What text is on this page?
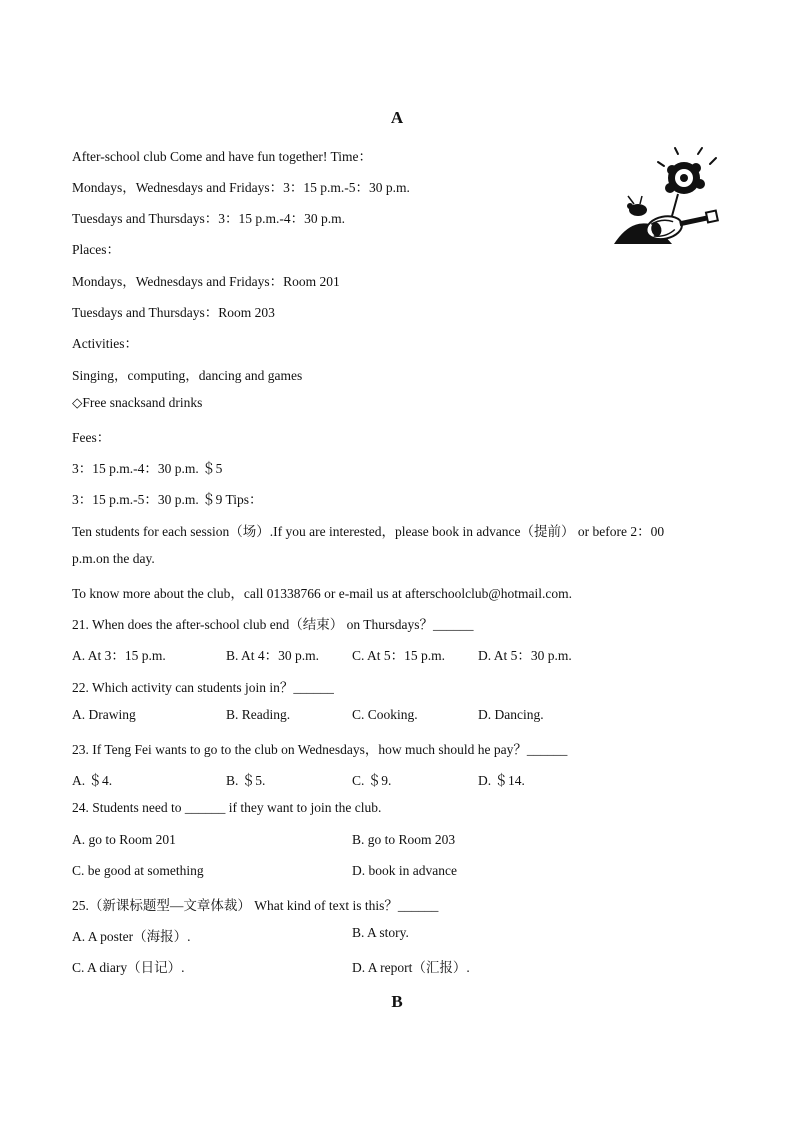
A
After-school club Come and have fun together! Time：
Mondays，Wednesdays and Fridays：3：15 p.m.-5：30 p.m.
Tuesdays and Thursdays：3：15 p.m.-4：30 p.m.
Places：
Mondays，Wednesdays and Fridays：Room 201
Tuesdays and Thursdays：Room 203
Activities：
Singing，computing，dancing and games
◇Free snacksand drinks
Fees：
3：15 p.m.-4：30 p.m. ＄5
3：15 p.m.-5：30 p.m. ＄9 Tips：
Ten students for each session（场）.If you are interested，please book in advance（提前） or before 2：00
p.m.on the day.
To know more about the club，call 01338766 or e-mail us at afterschoolclub@hotmail.com.
21. When does the after-school club end（结束） on Thursdays？______
A. At 3：15 p.m.	B. At 4：30 p.m. C. At 5：15 p.m. D. At 5：30 p.m.
22. Which activity can students join in？______
A. Drawing	B. Reading.	C. Cooking.	D. Dancing.
23. If Teng Fei wants to go to the club on Wednesdays，how much should he pay？______
A. ＄4.	B. ＄5.	C. ＄9.	D. ＄14.
24. Students need to ______ if they want to join the club.
A. go to Room 201	B. go to Room 203
C. be good at something	D. book in advance
25.（新课标题型—文章体裁） What kind of text is this？______
A. A poster（海报）.	B. A story.
C. A diary（日记）.	D. A report（汇报）.
B
